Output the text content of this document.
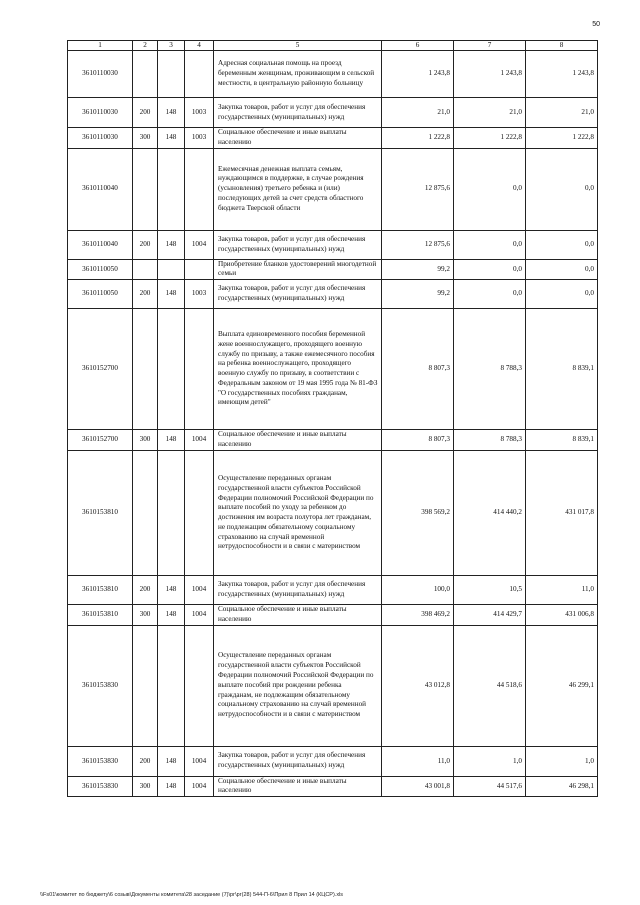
50
1	2	3	4	5	6	7	8
3610110030				Адресная социальная помощь на проезд беременным женщинам, проживающим в сельской местности, в центральную районную больницу	1 243,8	1 243,8	1 243,8
3610110030	200	148	1003	Закупка товаров, работ и услуг для обеспечения государственных (муниципальных) нужд	21,0	21,0	21,0
3610110030	300	148	1003	Социальное обеспечение и иные выплаты населению	1 222,8	1 222,8	1 222,8
3610110040				Ежемесячная денежная выплата семьям, нуждающимся в поддержке, в случае рождения (усыновления) третьего ребенка и (или) последующих детей за счет средств областного бюджета Тверской области	12 875,6	0,0	0,0
3610110040	200	148	1004	Закупка товаров, работ и услуг для обеспечения государственных (муниципальных) нужд	12 875,6	0,0	0,0
3610110050				Приобретение бланков удостоверений многодетной семьи	99,2	0,0	0,0
3610110050	200	148	1003	Закупка товаров, работ и услуг для обеспечения государственных (муниципальных) нужд	99,2	0,0	0,0
3610152700				Выплата единовременного пособия беременной жене военнослужащего, проходящего военную службу по призыву, а также ежемесячного пособия на ребенка военнослужащего, проходящего военную службу по призыву, в соответствии с Федеральным законом от 19 мая 1995 года № 81-ФЗ "О государственных пособиях гражданам, имеющим детей"	8 807,3	8 788,3	8 839,1
3610152700	300	148	1004	Социальное обеспечение и иные выплаты населению	8 807,3	8 788,3	8 839,1
3610153810				Осуществление переданных органам государственной власти субъектов Российской Федерации полномочий Российской Федерации по выплате пособий по уходу за ребенком до достижения им возраста полутора лет гражданам, не подлежащим обязательному социальному страхованию на случай временной нетрудоспособности и в связи с материнством	398 569,2	414 440,2	431 017,8
3610153810	200	148	1004	Закупка товаров, работ и услуг для обеспечения государственных (муниципальных) нужд	100,0	10,5	11,0
3610153810	300	148	1004	Социальное обеспечение и иные выплаты населению	398 469,2	414 429,7	431 006,8
3610153830				Осуществление переданных органам государственной власти субъектов Российской Федерации полномочий Российской Федерации по выплате пособий при рождении ребенка гражданам, не подлежащим обязательному социальному страхованию на случай временной нетрудоспособности и в связи с материнством	43 012,8	44 518,6	46 299,1
3610153830	200	148	1004	Закупка товаров, работ и услуг для обеспечения государственных (муниципальных) нужд	11,0	1,0	1,0
3610153830	300	148	1004	Социальное обеспечение и иные выплаты населению	43 001,8	44 517,6	46 298,1
\\Fs01\комитет по бюджету\6 созыв\Документы комитета\28 заседание (7)\рг\рг(28) 544-П-6\Прил 8 Прил 14 (КЦСР).xls
